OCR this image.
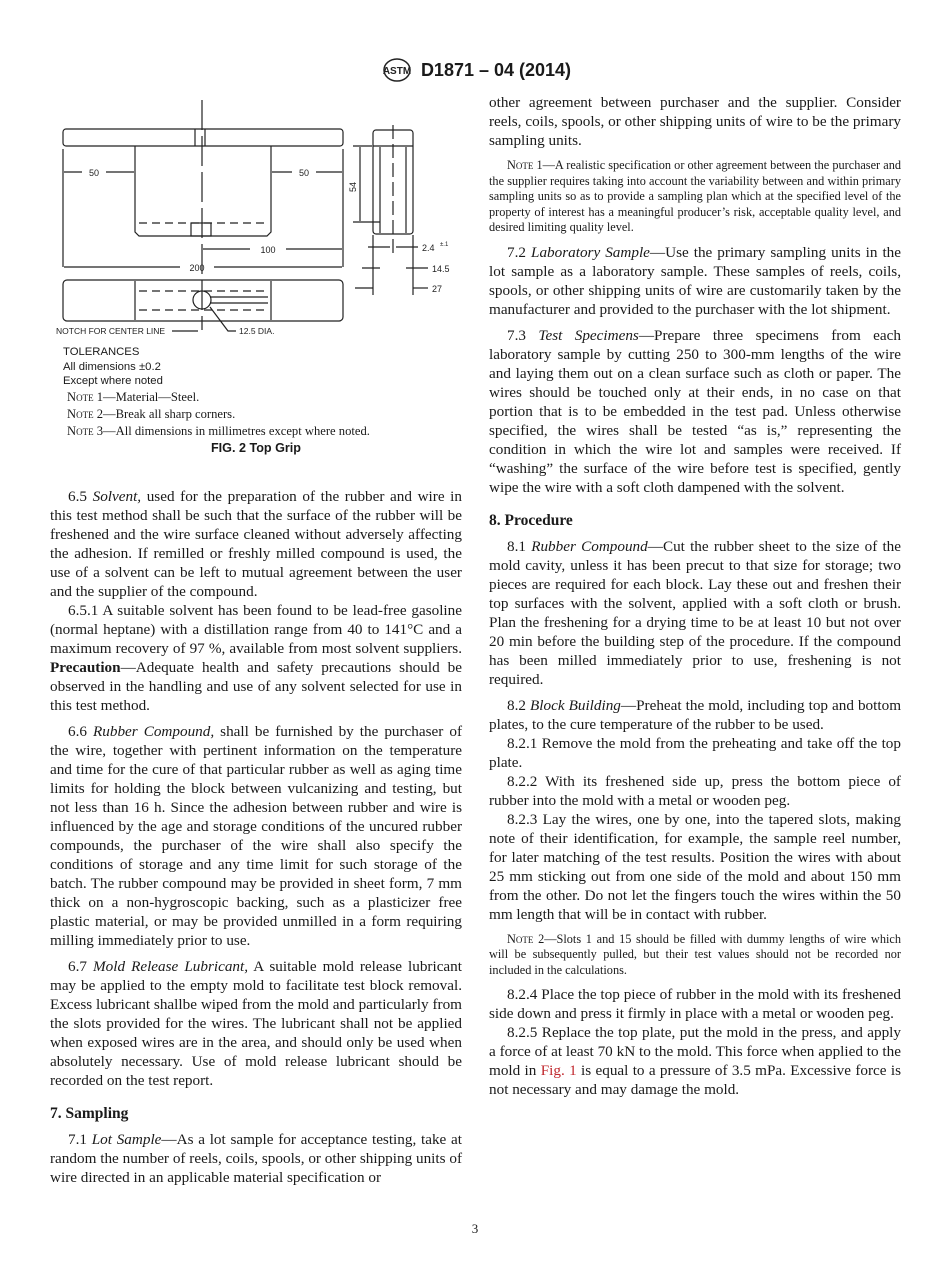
ASTM D1871 – 04 (2014)
50	50
100
200
54
2.4 ±.1
14.5
27
NOTCH FOR CENTER LINE	12.5 DIA.
TOLERANCES
All dimensions ±0.2
Except where noted
Note 1—Material—Steel.
Note 2—Break all sharp corners.
Note 3—All dimensions in millimetres except where noted.
FIG. 2 Top Grip

6.5 Solvent, used for the preparation of the rubber and wire in this test method shall be such that the surface of the rubber will be freshened and the wire surface cleaned without adversely affecting the adhesion. If remilled or freshly milled compound is used, the use of a solvent can be left to mutual agreement between the user and the supplier of the compound.

6.5.1 A suitable solvent has been found to be lead-free gasoline (normal heptane) with a distillation range from 40 to 141°C and a maximum recovery of 97 %, available from most solvent suppliers. Precaution—Adequate health and safety precautions should be observed in the handling and use of any solvent selected for use in this test method.

6.6 Rubber Compound, shall be furnished by the purchaser of the wire, together with pertinent information on the temperature and time for the cure of that particular rubber as well as aging time limits for holding the block between vulcanizing and testing, but not less than 16 h. Since the adhesion between rubber and wire is influenced by the age and storage conditions of the uncured rubber compounds, the purchaser of the wire shall also specify the conditions of storage and any time limit for such storage of the batch. The rubber compound may be provided in sheet form, 7 mm thick on a non-hygroscopic backing, such as a plasticizer free plastic material, or may be provided unmilled in a form requiring milling immediately prior to use.

6.7 Mold Release Lubricant, A suitable mold release lubricant may be applied to the empty mold to facilitate test block removal. Excess lubricant shallbe wiped from the mold and particularly from the slots provided for the wires. The lubricant shall not be applied when exposed wires are in the area, and should only be used when absolutely necessary. Use of mold release lubricant should be recorded on the test report.

7. Sampling

7.1 Lot Sample—As a lot sample for acceptance testing, take at random the number of reels, coils, spools, or other shipping units of wire directed in an applicable material specification or

other agreement between purchaser and the supplier. Consider reels, coils, spools, or other shipping units of wire to be the primary sampling units.

Note 1—A realistic specification or other agreement between the purchaser and the supplier requires taking into account the variability between and within primary sampling units so as to provide a sampling plan which at the specified level of the property of interest has a meaningful producer’s risk, acceptable quality level, and desired limiting quality level.

7.2 Laboratory Sample—Use the primary sampling units in the lot sample as a laboratory sample. These samples of reels, coils, spools, or other shipping units of wire are customarily taken by the manufacturer and provided to the purchaser with the lot shipment.

7.3 Test Specimens—Prepare three specimens from each laboratory sample by cutting 250 to 300-mm lengths of the wire and laying them out on a clean surface such as cloth or paper. The wires should be touched only at their ends, in no case on that portion that is to be embedded in the test pad. Unless otherwise specified, the wires shall be tested “as is,” representing the condition in which the wire lot and samples were received. If “washing” the surface of the wire before test is specified, gently wipe the wire with a soft cloth dampened with the solvent.

8. Procedure

8.1 Rubber Compound—Cut the rubber sheet to the size of the mold cavity, unless it has been precut to that size for storage; two pieces are required for each block. Lay these out and freshen their top surfaces with the solvent, applied with a soft cloth or brush. Plan the freshening for a drying time to be at least 10 but not over 20 min before the building step of the procedure. If the compound has been milled immediately prior to use, freshening is not required.

8.2 Block Building—Preheat the mold, including top and bottom plates, to the cure temperature of the rubber to be used.

8.2.1 Remove the mold from the preheating and take off the top plate.

8.2.2 With its freshened side up, press the bottom piece of rubber into the mold with a metal or wooden peg.

8.2.3 Lay the wires, one by one, into the tapered slots, making note of their identification, for example, the sample reel number, for later matching of the test results. Position the wires with about 25 mm sticking out from one side of the mold and about 150 mm from the other. Do not let the fingers touch the wires within the 50 mm length that will be in contact with rubber.

Note 2—Slots 1 and 15 should be filled with dummy lengths of wire which will be subsequently pulled, but their test values should not be recorded nor included in the calculations.

8.2.4 Place the top piece of rubber in the mold with its freshened side down and press it firmly in place with a metal or wooden peg.

8.2.5 Replace the top plate, put the mold in the press, and apply a force of at least 70 kN to the mold. This force when applied to the mold in Fig. 1 is equal to a pressure of 3.5 mPa. Excessive force is not necessary and may damage the mold.

3
